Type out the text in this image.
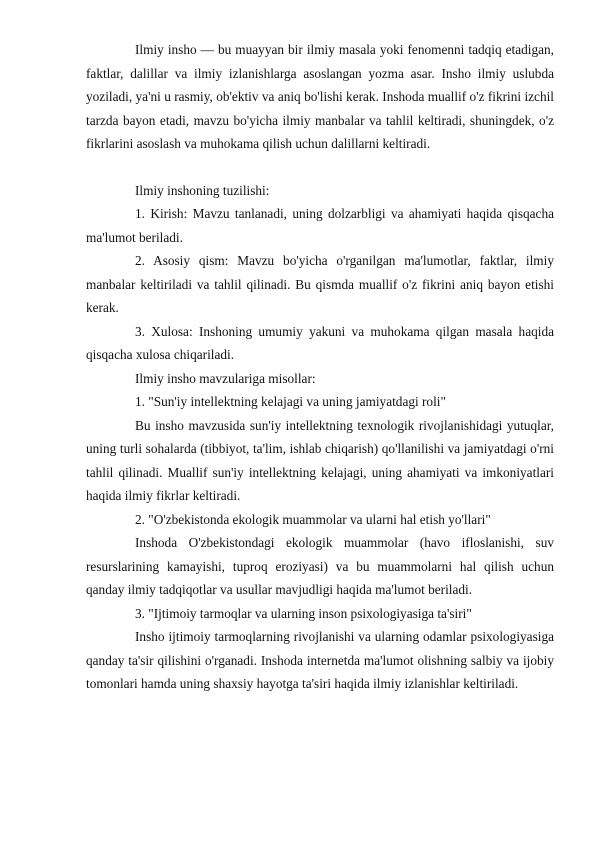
Ilmiy insho — bu muayyan bir ilmiy masala yoki fenomenni tadqiq etadigan, faktlar, dalillar va ilmiy izlanishlarga asoslangan yozma asar. Insho ilmiy uslubda yoziladi, ya'ni u rasmiy, ob'ektiv va aniq bo'lishi kerak. Inshoda muallif o'z fikrini izchil tarzda bayon etadi, mavzu bo'yicha ilmiy manbalar va tahlil keltiradi, shuningdek, o'z fikrlarini asoslash va muhokama qilish uchun dalillarni keltiradi.

Ilmiy inshoning tuzilishi:

1. Kirish: Mavzu tanlanadi, uning dolzarbligi va ahamiyati haqida qisqacha ma'lumot beriladi.

2. Asosiy qism: Mavzu bo'yicha o'rganilgan ma'lumotlar, faktlar, ilmiy manbalar keltiriladi va tahlil qilinadi. Bu qismda muallif o'z fikrini aniq bayon etishi kerak.

3. Xulosa: Inshoning umumiy yakuni va muhokama qilgan masala haqida qisqacha xulosa chiqariladi.

Ilmiy insho mavzulariga misollar:

1. "Sun'iy intellektning kelajagi va uning jamiyatdagi roli"

Bu insho mavzusida sun'iy intellektning texnologik rivojlanishidagi yutuqlar, uning turli sohalarda (tibbiyot, ta'lim, ishlab chiqarish) qo'llanilishi va jamiyatdagi o'rni tahlil qilinadi. Muallif sun'iy intellektning kelajagi, uning ahamiyati va imkoniyatlari haqida ilmiy fikrlar keltiradi.

2. "O'zbekistonda ekologik muammolar va ularni hal etish yo'llari"

Inshoda O'zbekistondagi ekologik muammolar (havo ifloslanishi, suv resurslarining kamayishi, tuproq eroziyasi) va bu muammolarni hal qilish uchun qanday ilmiy tadqiqotlar va usullar mavjudligi haqida ma'lumot beriladi.

3. "Ijtimoiy tarmoqlar va ularning inson psixologiyasiga ta'siri"

Insho ijtimoiy tarmoqlarning rivojlanishi va ularning odamlar psixologiyasiga qanday ta'sir qilishini o'rganadi. Inshoda internetda ma'lumot olishning salbiy va ijobiy tomonlari hamda uning shaxsiy hayotga ta'siri haqida ilmiy izlanishlar keltiriladi.
